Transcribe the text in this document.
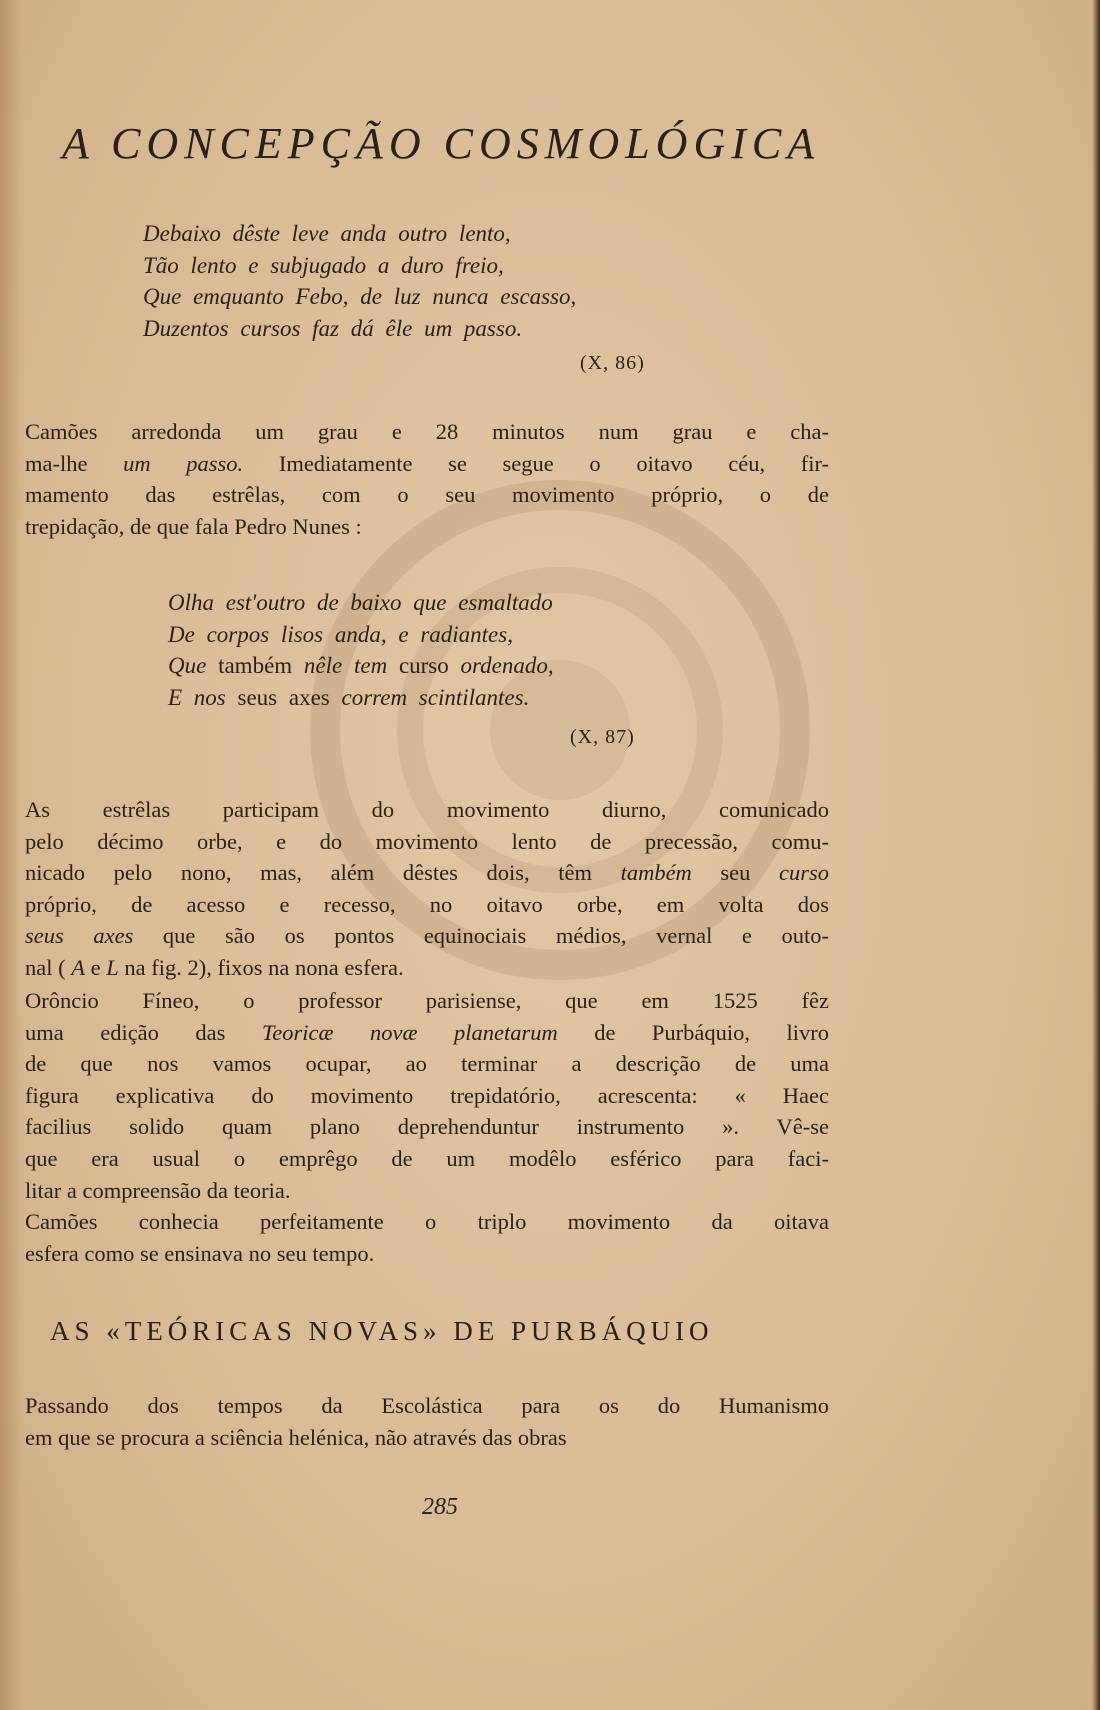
A CONCEPÇÃO COSMOLÓGICA
Debaixo dêste leve anda outro lento,
Tão lento e subjugado a duro freio,
Que emquanto Febo, de luz nunca escasso,
Duzentos cursos faz dá êle um passo.
(X, 86)
Camões arredonda um grau e 28 minutos num grau e cha-
ma-lhe um passo. Imediatamente se segue o oitavo céu, fir-
mamento das estrêlas, com o seu movimento próprio, o de
trepidação, de que fala Pedro Nunes :
Olha est'outro de baixo que esmaltado
De corpos lisos anda, e radiantes,
Que também nêle tem curso ordenado,
E nos seus axes correm scintilantes.
(X, 87)
As estrêlas participam do movimento diurno, comunicado
pelo décimo orbe, e do movimento lento de precessão, comu-
nicado pelo nono, mas, além dêstes dois, têm também seu curso
próprio, de acesso e recesso, no oitavo orbe, em volta dos
seus axes que são os pontos equinociais médios, vernal e outo-
nal ( A e L na fig. 2), fixos na nona esfera.
Orôncio Fíneo, o professor parisiense, que em 1525 fêz
uma edição das Teoricæ novæ planetarum de Purbáquio, livro
de que nos vamos ocupar, ao terminar a descrição de uma
figura explicativa do movimento trepidatório, acrescenta: « Haec
facilius solido quam plano deprehenduntur instrumento ». Vê-se
que era usual o emprêgo de um modêlo esférico para faci-
litar a compreensão da teoria.
Camões conhecia perfeitamente o triplo movimento da oitava
esfera como se ensinava no seu tempo.
AS «TEÓRICAS NOVAS» DE PURBÁQUIO
Passando dos tempos da Escolástica para os do Humanismo
em que se procura a sciência helénica, não através das obras
285
